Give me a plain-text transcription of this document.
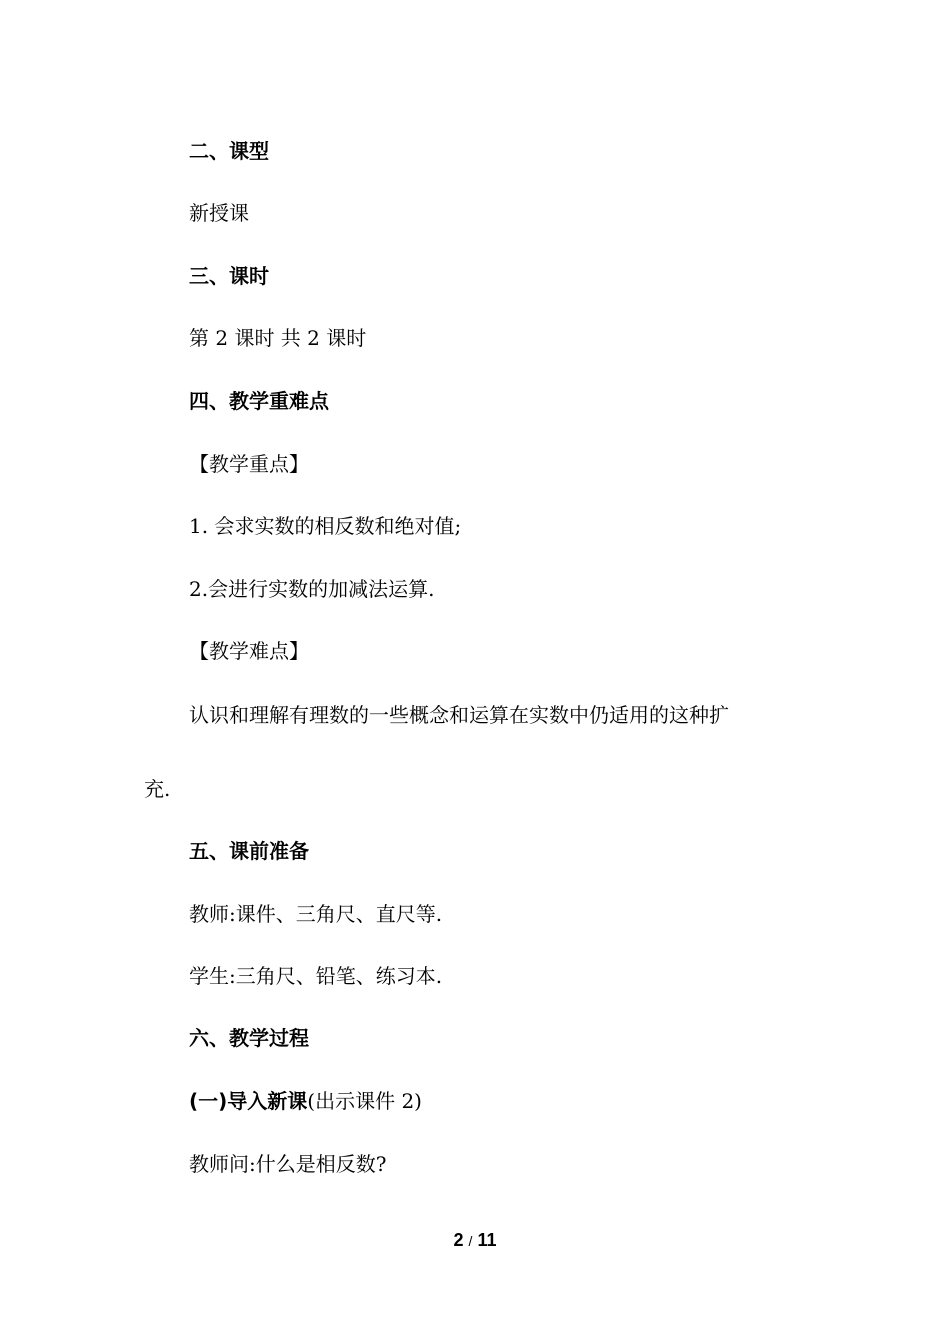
二、课型
新授课
三、课时
第 2 课时 共 2 课时
四、教学重难点
【教学重点】
1. 会求实数的相反数和绝对值;
2.会进行实数的加减法运算.
【教学难点】
认识和理解有理数的一些概念和运算在实数中仍适用的这种扩
充.
五、课前准备
教师:课件、三角尺、直尺等.
学生:三角尺、铅笔、练习本.
六、教学过程
(一)导入新课(出示课件 2)
教师问:什么是相反数?
2 / 11
